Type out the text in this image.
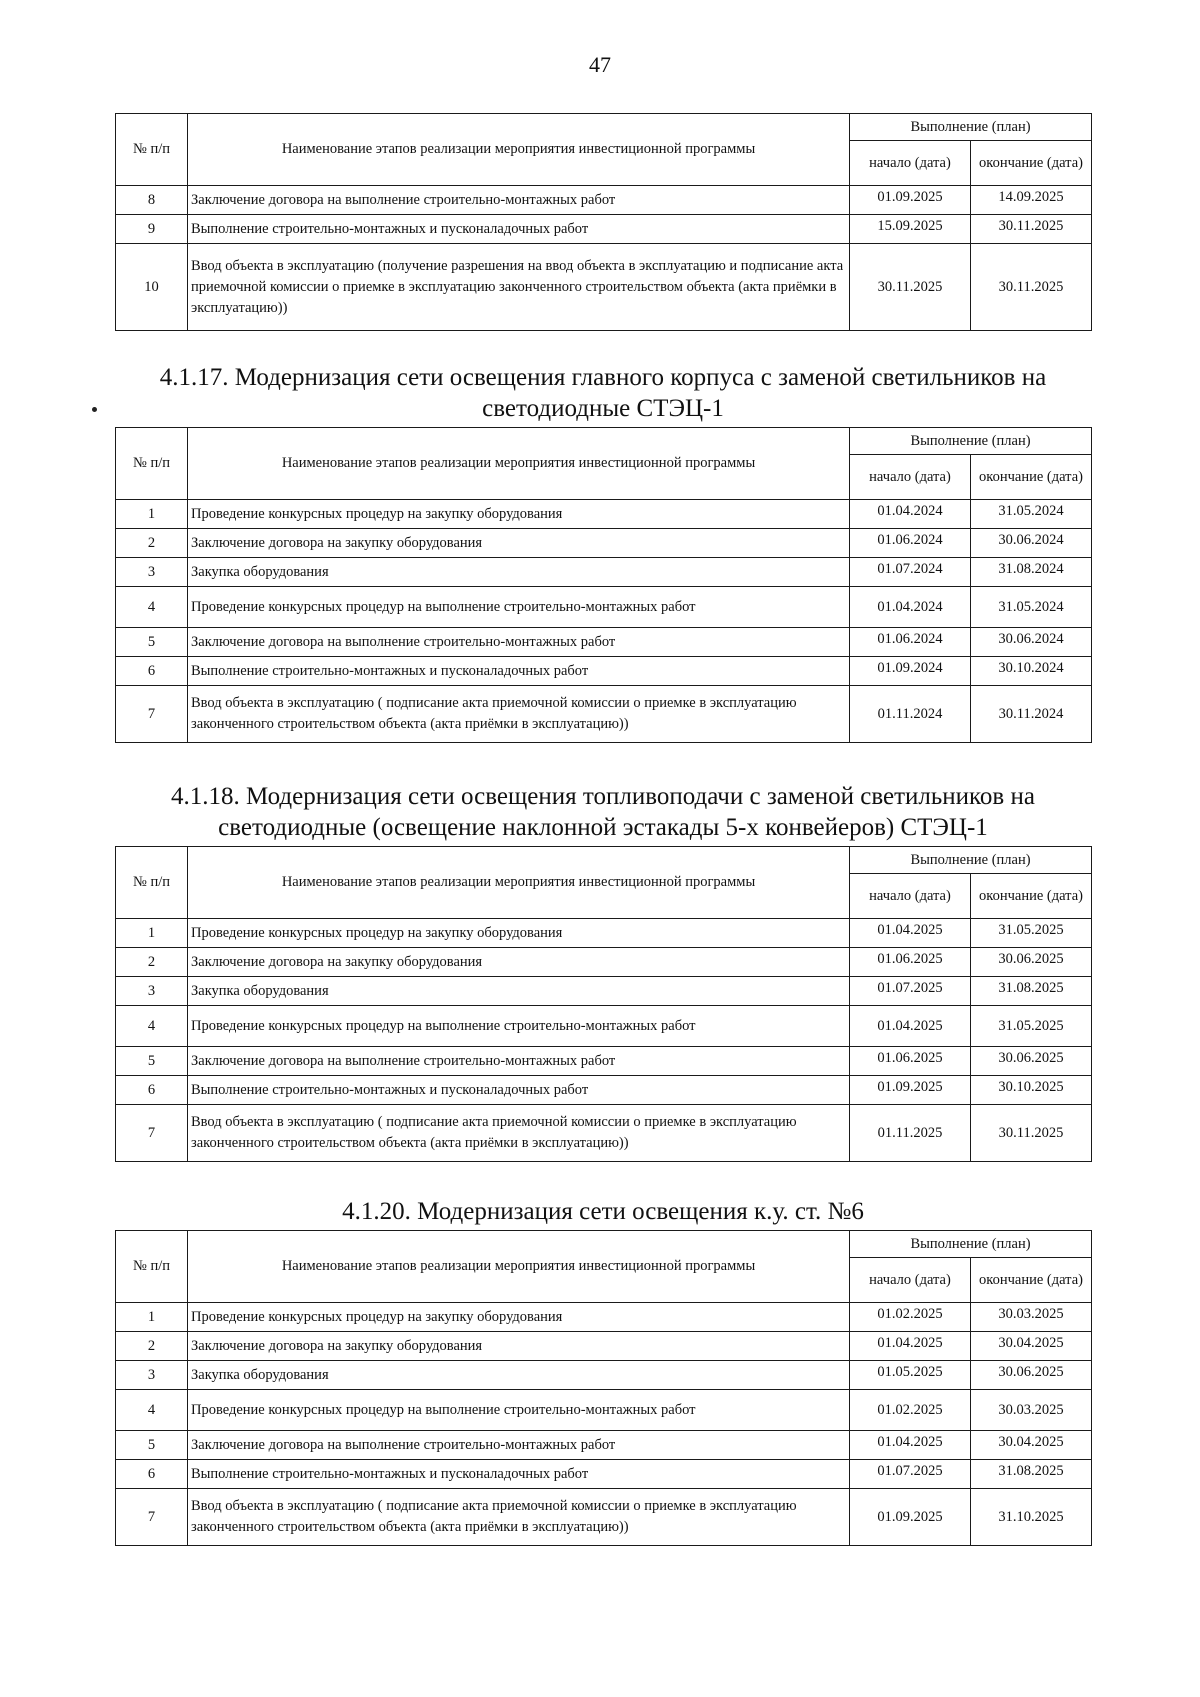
47
№ п/п	Наименование этапов реализации мероприятия инвестиционной программы	Выполнение (план)	
		начало (дата)	окончание (дата)
8	Заключение договора на выполнение строительно-монтажных работ	01.09.2025	14.09.2025
9	Выполнение строительно-монтажных и пусконаладочных работ	15.09.2025	30.11.2025
10	Ввод объекта в эксплуатацию (получение разрешения на ввод объекта в эксплуатацию и подписание акта приемочной комиссии о приемке в эксплуатацию законченного строительством объекта (акта приёмки в эксплуатацию))	30.11.2025	30.11.2025
4.1.17. Модернизация сети освещения главного корпуса с заменой светильников на светодиодные СТЭЦ-1
№ п/п	Наименование этапов реализации мероприятия инвестиционной программы	Выполнение (план)	
		начало (дата)	окончание (дата)
1	Проведение конкурсных процедур на закупку оборудования	01.04.2024	31.05.2024
2	Заключение договора на закупку оборудования	01.06.2024	30.06.2024
3	Закупка оборудования	01.07.2024	31.08.2024
4	Проведение конкурсных процедур на выполнение строительно-монтажных работ	01.04.2024	31.05.2024
5	Заключение договора на выполнение строительно-монтажных работ	01.06.2024	30.06.2024
6	Выполнение строительно-монтажных и пусконаладочных работ	01.09.2024	30.10.2024
7	Ввод объекта в эксплуатацию ( подписание акта приемочной комиссии о приемке в эксплуатацию законченного строительством объекта (акта приёмки в эксплуатацию))	01.11.2024	30.11.2024
4.1.18. Модернизация сети освещения топливоподачи с заменой светильников на светодиодные (освещение наклонной эстакады 5-х конвейеров) СТЭЦ-1
№ п/п	Наименование этапов реализации мероприятия инвестиционной программы	Выполнение (план)	
		начало (дата)	окончание (дата)
1	Проведение конкурсных процедур на закупку оборудования	01.04.2025	31.05.2025
2	Заключение договора на закупку оборудования	01.06.2025	30.06.2025
3	Закупка оборудования	01.07.2025	31.08.2025
4	Проведение конкурсных процедур на выполнение строительно-монтажных работ	01.04.2025	31.05.2025
5	Заключение договора на выполнение строительно-монтажных работ	01.06.2025	30.06.2025
6	Выполнение строительно-монтажных и пусконаладочных работ	01.09.2025	30.10.2025
7	Ввод объекта в эксплуатацию ( подписание акта приемочной комиссии о приемке в эксплуатацию законченного строительством объекта (акта приёмки в эксплуатацию))	01.11.2025	30.11.2025
4.1.20. Модернизация сети освещения к.у. ст. №6
№ п/п	Наименование этапов реализации мероприятия инвестиционной программы	Выполнение (план)	
		начало (дата)	окончание (дата)
1	Проведение конкурсных процедур на закупку оборудования	01.02.2025	30.03.2025
2	Заключение договора на закупку оборудования	01.04.2025	30.04.2025
3	Закупка оборудования	01.05.2025	30.06.2025
4	Проведение конкурсных процедур на выполнение строительно-монтажных работ	01.02.2025	30.03.2025
5	Заключение договора на выполнение строительно-монтажных работ	01.04.2025	30.04.2025
6	Выполнение строительно-монтажных и пусконаладочных работ	01.07.2025	31.08.2025
7	Ввод объекта в эксплуатацию ( подписание акта приемочной комиссии о приемке в эксплуатацию законченного строительством объекта (акта приёмки в эксплуатацию))	01.09.2025	31.10.2025
